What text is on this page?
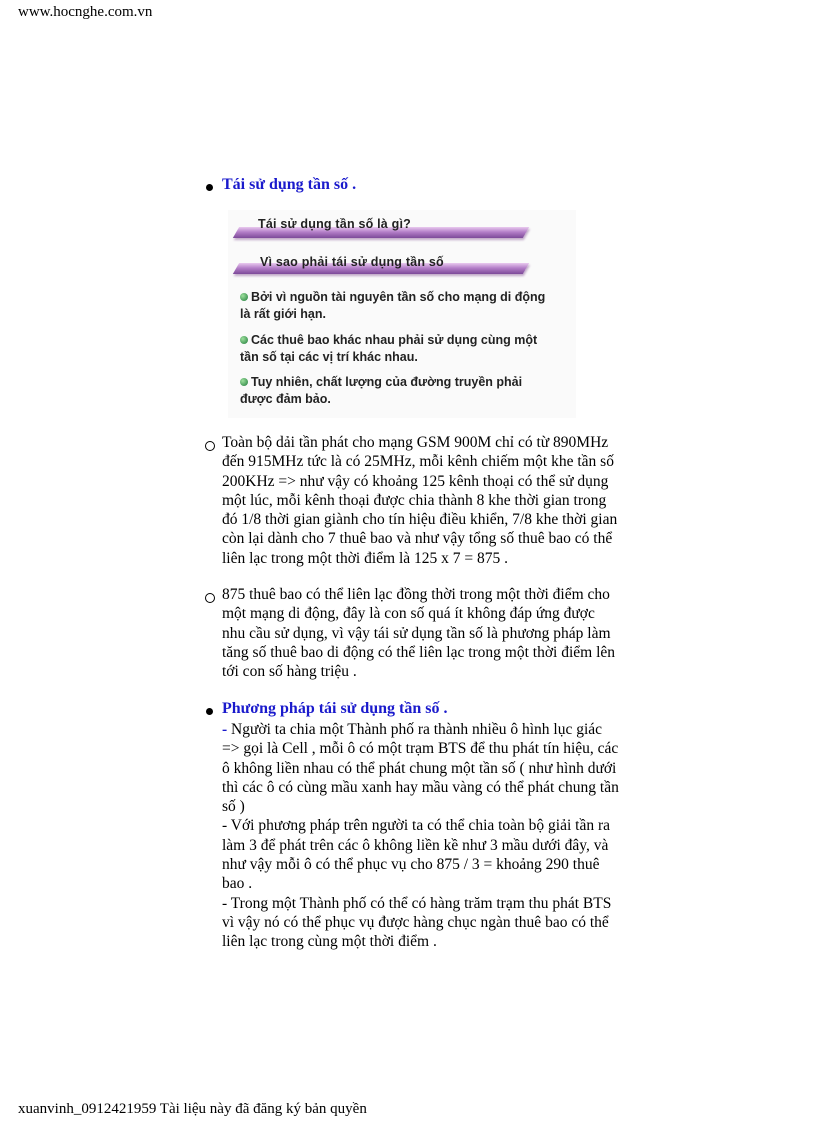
www.hocnghe.com.vn
Tái sử dụng tần số .
Tái sử dụng tần số là gì?
Vì sao phải tái sử dụng tần số
Bởi vì nguồn tài nguyên tần số cho mạng di động
là rất giới hạn.
Các thuê bao khác nhau phải sử dụng cùng một
tần số tại các vị trí khác nhau.
Tuy nhiên, chất lượng của đường truyền phải
được đảm bảo.
Toàn bộ dải tần phát cho mạng GSM 900M chỉ có từ 890MHz
đến 915MHz tức là có 25MHz, mỗi kênh chiếm một khe tần số
200KHz => như vậy có khoảng 125 kênh thoại có thể sử dụng
một lúc, mỗi kênh thoại được chia thành 8 khe thời gian trong
đó 1/8 thời gian giành cho tín hiệu điều khiển, 7/8 khe thời gian
còn lại dành cho 7 thuê bao và như vậy tổng số thuê bao có thể
liên lạc trong một thời điểm là 125 x 7 = 875 .
875 thuê bao có thể liên lạc đồng thời trong một thời điểm cho
một mạng di động, đây là con số quá ít không đáp ứng được
nhu cầu sử dụng, vì vậy tái sử dụng tần số là phương pháp làm
tăng số thuê bao di động có thể liên lạc trong một thời điểm lên
tới con số hàng triệu .
Phương pháp tái sử dụng tần số .
- Người ta chia một Thành phố ra thành nhiều ô hình lục giác
=> gọi là Cell , mỗi ô có một trạm BTS để thu phát tín hiệu, các
ô không liền nhau có thể phát chung một tần số ( như hình dưới
thì các ô có cùng mầu xanh hay mầu vàng có thể phát chung tần
số )
- Với phương pháp trên người ta có thể chia toàn bộ giải tần ra
làm 3 để phát trên các ô không liền kề như 3 mầu dưới đây, và
như vậy mỗi ô có thể phục vụ cho 875 / 3 = khoảng 290 thuê
bao .
- Trong một Thành phố có thể có hàng trăm trạm thu phát BTS
vì vậy nó có thể phục vụ được hàng chục ngàn thuê bao có thể
liên lạc trong cùng một thời điểm .
xuanvinh_0912421959 Tài liệu này đã đăng ký bản quyền
